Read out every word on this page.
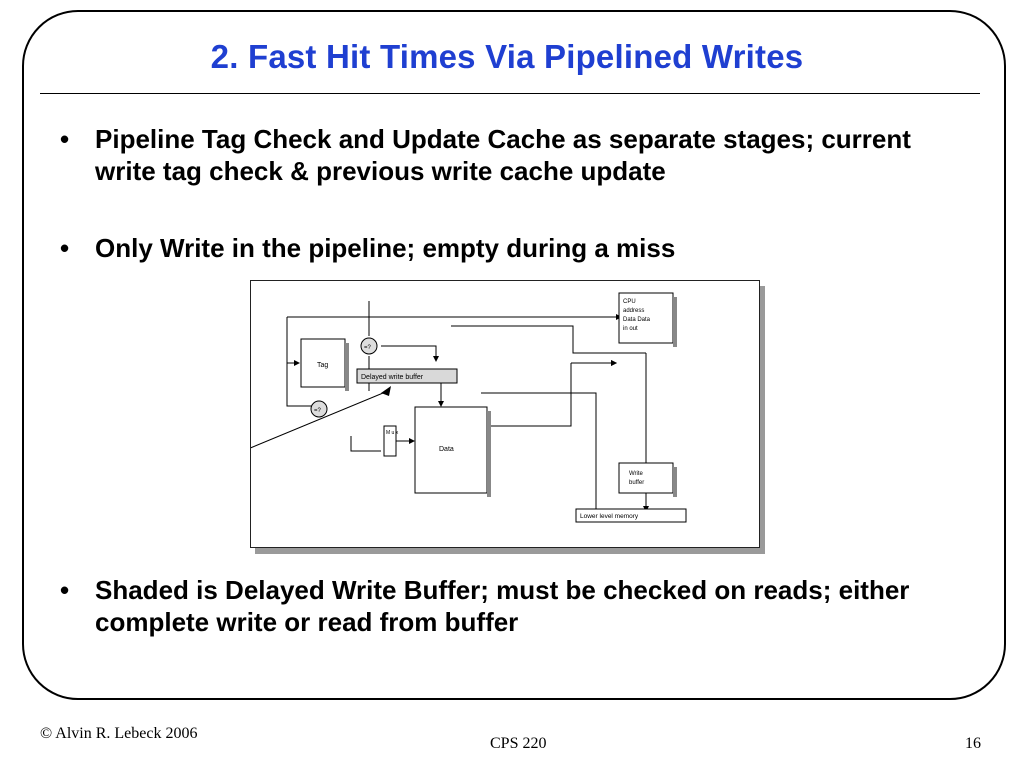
2. Fast Hit Times Via Pipelined Writes
• Pipeline Tag Check and Update Cache as separate stages; current write tag check & previous write cache update
• Only Write in the pipeline; empty during a miss
Tag
=?
=?
Delayed write buffer
M u x
Data
CPU
address
Data Data
in out
Write
buffer
Lower level memory
• Shaded is Delayed Write Buffer; must be checked on reads; either complete write or read from buffer
© Alvin R. Lebeck 2006
CPS 220	16
